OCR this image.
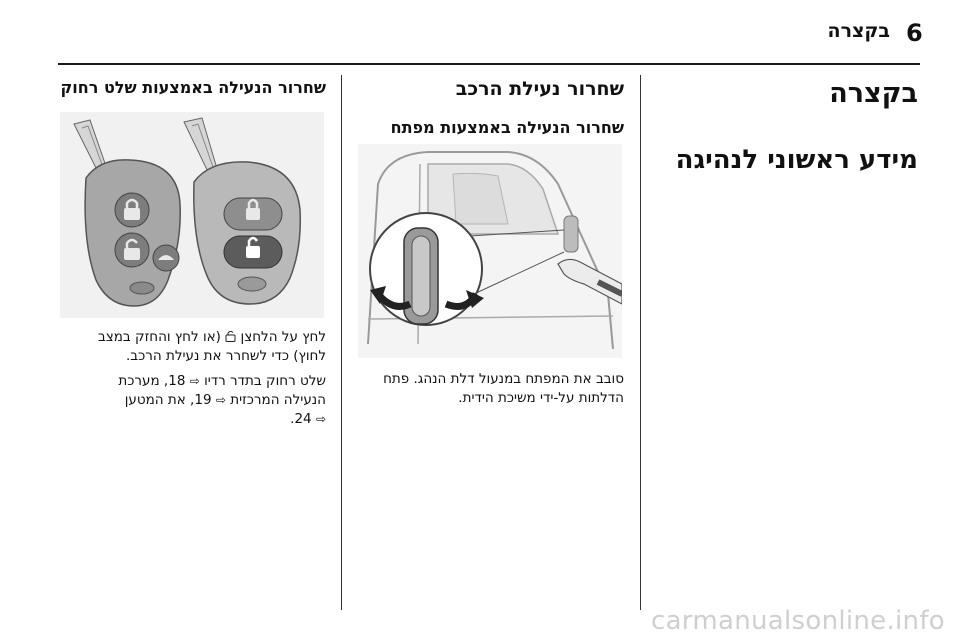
6
בקצרה
בקצרה
מידע ראשוני לנהיגה
שחרור נעילת הרכב
שחרור הנעילה באמצעות מפתח
סובב את המפתח במנעול דלת הנהג. פתח
הדלתות על-ידי משיכת הידית.
שחרור הנעילה באמצעות שלט רחוק
לחץ על הלחצן  (או לחץ והחזק במצב
לחוץ) כדי לשחרר את נעילת הרכב.
שלט רחוק בתדר רדיו ⇨ 18, מערכת
הנעילה המרכזית ⇨ 19, את המטען
⇨ 24.
carmanualsonline.info
